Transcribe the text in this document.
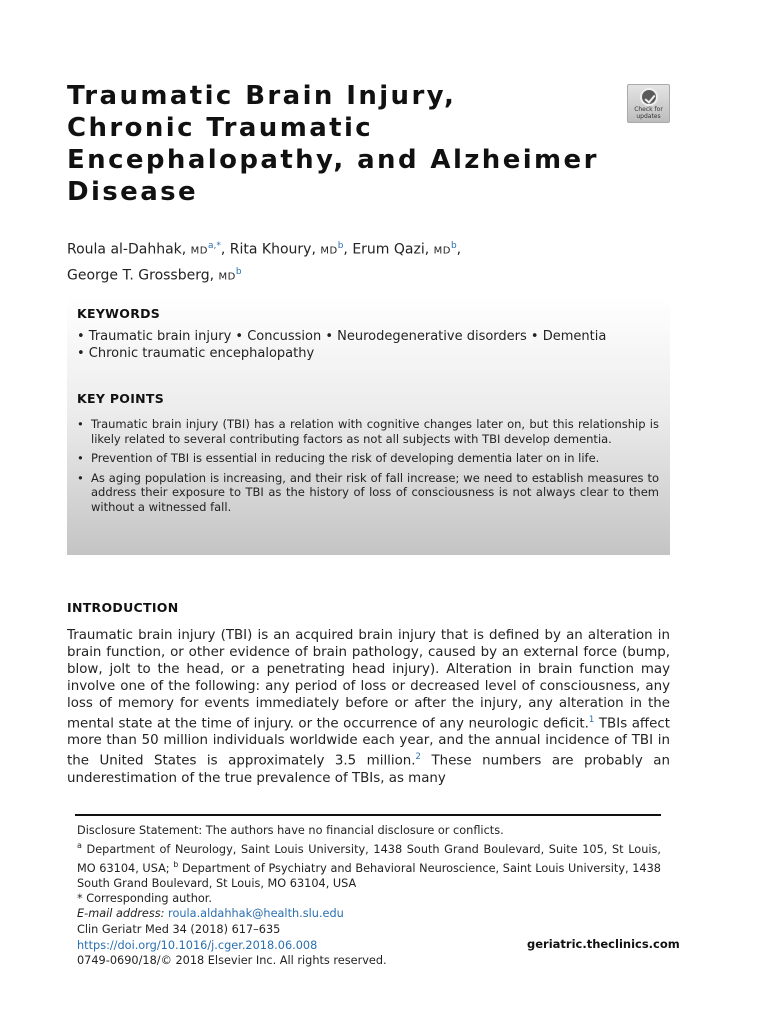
Traumatic Brain Injury,
Chronic Traumatic
Encephalopathy, and Alzheimer
Disease
Check for
updates
Roula al-Dahhak, $MD^{a,*}$, Rita Khoury, $MD^b$, Erum Qazi, $MD^b$,
George T. Grossberg, $MD^b$
KEYWORDS
• Traumatic brain injury • Concussion • Neurodegenerative disorders • Dementia
• Chronic traumatic encephalopathy
KEY POINTS
• Traumatic brain injury (TBI) has a relation with cognitive changes later on, but this relationship is likely related to several contributing factors as not all subjects with TBI develop dementia.
• Prevention of TBI is essential in reducing the risk of developing dementia later on in life.
• As aging population is increasing, and their risk of fall increase; we need to establish measures to address their exposure to TBI as the history of loss of consciousness is not always clear to them without a witnessed fall.
INTRODUCTION

Traumatic brain injury (TBI) is an acquired brain injury that is defined by an alteration in brain function, or other evidence of brain pathology, caused by an external force (bump, blow, jolt to the head, or a penetrating head injury). Alteration in brain function may involve one of the following: any period of loss or decreased level of consciousness, any loss of memory for events immediately before or after the injury, any alteration in the mental state at the time of injury. or the occurrence of any neurologic deficit.$^1$ TBIs affect more than 50 million individuals worldwide each year, and the annual incidence of TBI in the United States is approximately 3.5 million.$^2$ These numbers are probably an underestimation of the true prevalence of TBIs, as many

Disclosure Statement: The authors have no financial disclosure or conflicts.
$^a$ Department of Neurology, Saint Louis University, 1438 South Grand Boulevard, Suite 105, St Louis, MO 63104, USA; $^b$ Department of Psychiatry and Behavioral Neuroscience, Saint Louis University, 1438 South Grand Boulevard, St Louis, MO 63104, USA
* Corresponding author.
E-mail address: roula.aldahhak@health.slu.edu
Clin Geriatr Med 34 (2018) 617–635
https://doi.org/10.1016/j.cger.2018.06.008
0749-0690/18/© 2018 Elsevier Inc. All rights reserved.
geriatric.theclinics.com
